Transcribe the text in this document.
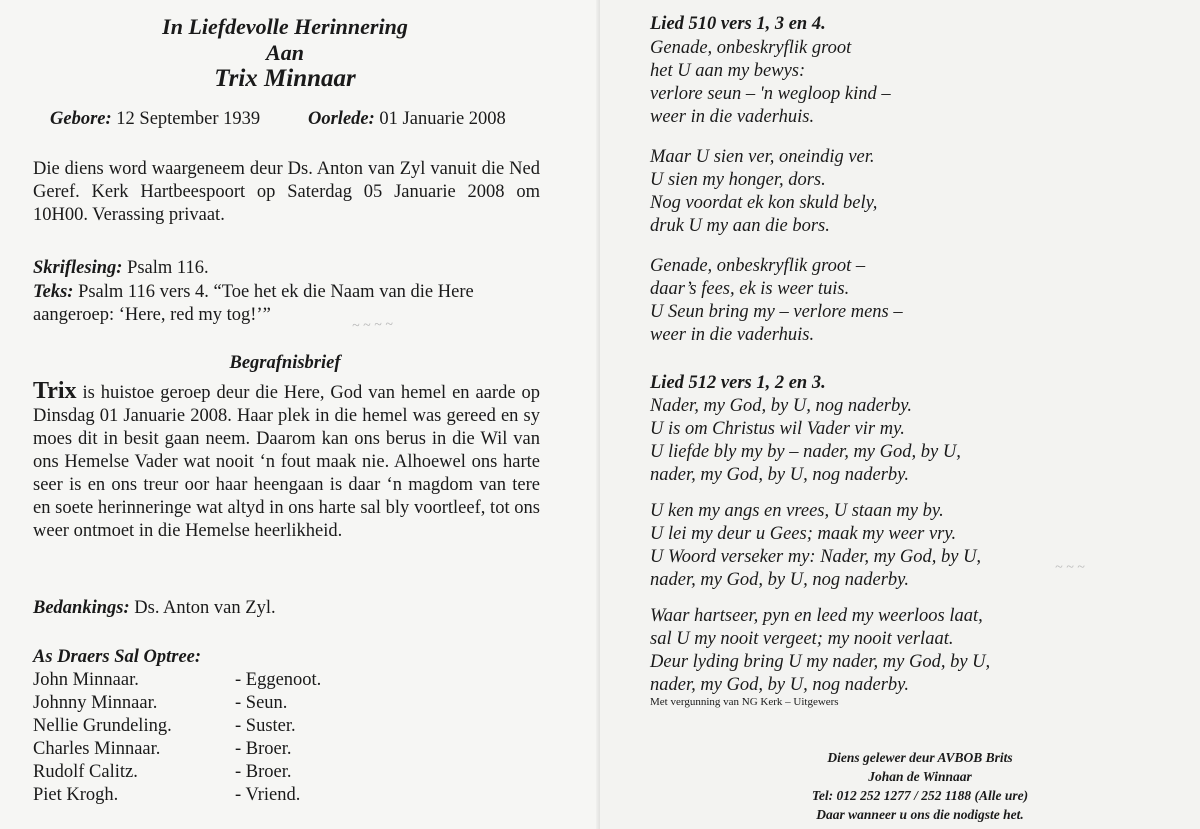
In Liefdevolle Herinnering
Aan
Trix Minnaar
Gebore: 12 September 1939	Oorlede: 01 Januarie 2008
Die diens word waargeneem deur Ds. Anton van Zyl vanuit die Ned Geref. Kerk Hartbeespoort op Saterdag 05 Januarie 2008 om 10H00. Verassing privaat.
Skriflesing: Psalm 116.
Teks: Psalm 116 vers 4. “Toe het ek die Naam van die Here
aangeroep: ‘Here, red my tog!’”
~ ~ ~ ~
Begrafnisbrief
Trix is huistoe geroep deur die Here, God van hemel en aarde op Dinsdag 01 Januarie 2008. Haar plek in die hemel was gereed en sy moes dit in besit gaan neem. Daarom kan ons berus in die Wil van ons Hemelse Vader wat nooit ‘n fout maak nie. Alhoewel ons harte seer is en ons treur oor haar heengaan is daar ‘n magdom van tere en soete herinneringe wat altyd in ons harte sal bly voortleef, tot ons weer ontmoet in die Hemelse heerlikheid.
Bedankings: Ds. Anton van Zyl.
As Draers Sal Optree:
John Minnaar.	- Eggenoot.
Johnny Minnaar.	- Seun.
Nellie Grundeling.	- Suster.
Charles Minnaar.	- Broer.
Rudolf Calitz.	- Broer.
Piet Krogh.	- Vriend.
Lied 510 vers 1, 3 en 4.
Genade, onbeskryflik groot
het U aan my bewys:
verlore seun – 'n wegloop kind –
weer in die vaderhuis.
Maar U sien ver, oneindig ver.
U sien my honger, dors.
Nog voordat ek kon skuld bely,
druk U my aan die bors.
Genade, onbeskryflik groot –
daar’s fees, ek is weer tuis.
U Seun bring my – verlore mens –
weer in die vaderhuis.
Lied 512 vers 1, 2 en 3.
Nader, my God, by U, nog naderby.
U is om Christus wil Vader vir my.
U liefde bly my by – nader, my God, by U,
nader, my God, by U, nog naderby.
U ken my angs en vrees, U staan my by.
U lei my deur u Gees; maak my weer vry.
U Woord verseker my: Nader, my God, by U,
nader, my God, by U, nog naderby.
Waar hartseer, pyn en leed my weerloos laat,
sal U my nooit vergeet; my nooit verlaat.
Deur lyding bring U my nader, my God, by U,
nader, my God, by U, nog naderby.
Met vergunning van NG Kerk – Uitgewers
~ ~ ~
Diens gelewer deur AVBOB Brits
Johan de Winnaar
Tel: 012 252 1277 / 252 1188 (Alle ure)
Daar wanneer u ons die nodigste het.
